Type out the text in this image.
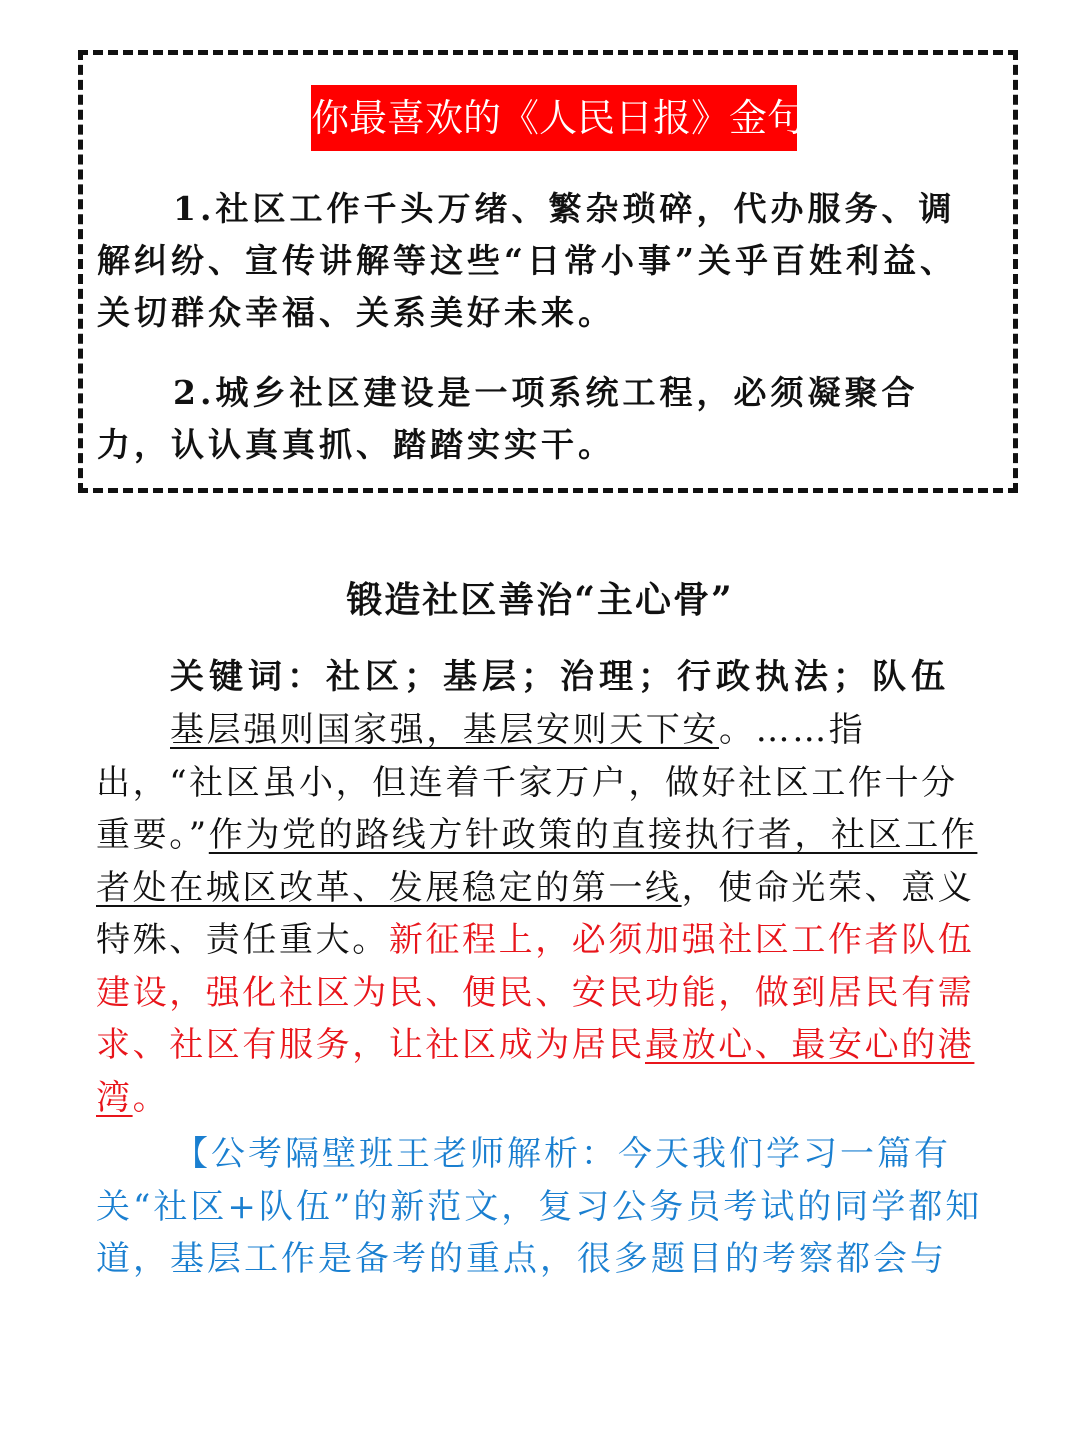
你最喜欢的《人民日报》金句

1.社区工作千头万绪、繁杂琐碎，代办服务、调解纠纷、宣传讲解等这些“日常小事”关乎百姓利益、关切群众幸福、关系美好未来。

2.城乡社区建设是一项系统工程，必须凝聚合力，认认真真抓、踏踏实实干。

锻造社区善治“主心骨”

关键词：社区；基层；治理；行政执法；队伍

基层强则国家强，基层安则天下安。……指出，“社区虽小，但连着千家万户，做好社区工作十分重要。”作为党的路线方针政策的直接执行者，社区工作者处在城区改革、发展稳定的第一线，使命光荣、意义特殊、责任重大。新征程上，必须加强社区工作者队伍建设，强化社区为民、便民、安民功能，做到居民有需求、社区有服务，让社区成为居民最放心、最安心的港湾。

【公考隔壁班王老师解析：今天我们学习一篇有关“社区+队伍”的新范文，复习公务员考试的同学都知道，基层工作是备考的重点，很多题目的考察都会与
